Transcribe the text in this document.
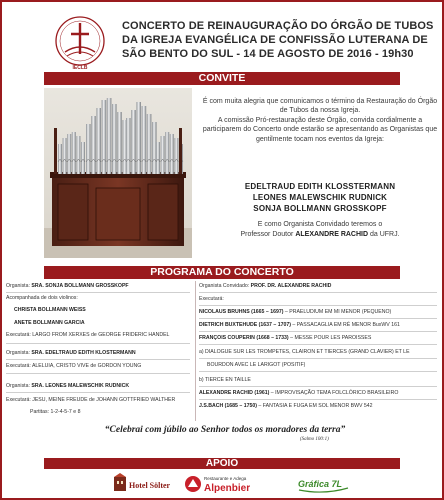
IECLB
CONCERTO DE REINAUGURAÇÃO DO ÓRGÃO DE TUBOS
DA IGREJA EVANGÉLICA DE CONFISSÃO LUTERANA DE
SÃO BENTO DO SUL - 14 DE AGOSTO DE 2016 - 19h30
CONVITE

É com muita alegria que comunicamos o término da Restauração do Órgão de Tubos da nossa Igreja.

A comissão Pró-restauração deste Órgão, convida cordialmente a participarem do Concerto onde estarão se apresentando as Organistas que gentilmente tocam nos eventos da Igreja:

EDELTRAUD EDITH KLOSSTERMANN
LEONES MALEWSCHIK RUDNICK
SONJA BOLLMANN GROSSKOPF
E como Organista Convidado teremos o
Professor Doutor ALEXANDRE RACHID da UFRJ.
PROGRAMA DO CONCERTO
Organista: SRA. SONJA BOLLMANN GROSSKOPF
Acompanhada de dois violinos:
CHRISTA BOLLMANN WEISS
ANETE BOLLMANN GARCIA
Executará: LARGO FROM XERXES de GEORGE FRIDERIC HANDEL
Organista: SRA. EDELTRAUD EDITH KLOSTERMANN
Executará: ALELUIA, CRISTO VIVE de GORDON YOUNG
Organista: SRA. LEONES MALEWSCHIK RUDNICK
Executará: JESU, MEINE FREUDE de JOHANN GOTTFRIED WALTHER
Partitas: 1-2-4-5-7 e 8
Organista Convidado: PROF. DR. ALEXANDRE RACHID
Executará:
NICOLAUS BRUHNS (1665 – 1697) – PRAELUDIUM EM MI MENOR (PEQUENO)
DIETRICH BUXTEHUDE (1637 – 1707) – PASSACAGLIA EM RÉ MENOR BuxWV 161
FRANÇOIS COUPERIN (1668 – 1733) – MESSE POUR LES PAROISSES
a) DIALOGUE SUR LES TROMPETES, CLAIRON ET TIERCES (GRAND CLAVIER) ET LE
BOURDON AVEC LE LARIGOT (POSITIF)
b) TIERCE EN TAILLE
ALEXANDRE RACHID (1961) – IMPROVISAÇÃO TEMA FOLCLÓRICO BRASILEIRO
J.S.BACH (1685 – 1750) – FANTASIA E FUGA EM SOL MENOR BWV 542
“Celebrai com júbilo ao Senhor todos os moradores da terra”
(Salmo 100:1)
APOIO
Hotel Sölter
Restaurante e Adega
Alpenbier	Gráfica 7L
